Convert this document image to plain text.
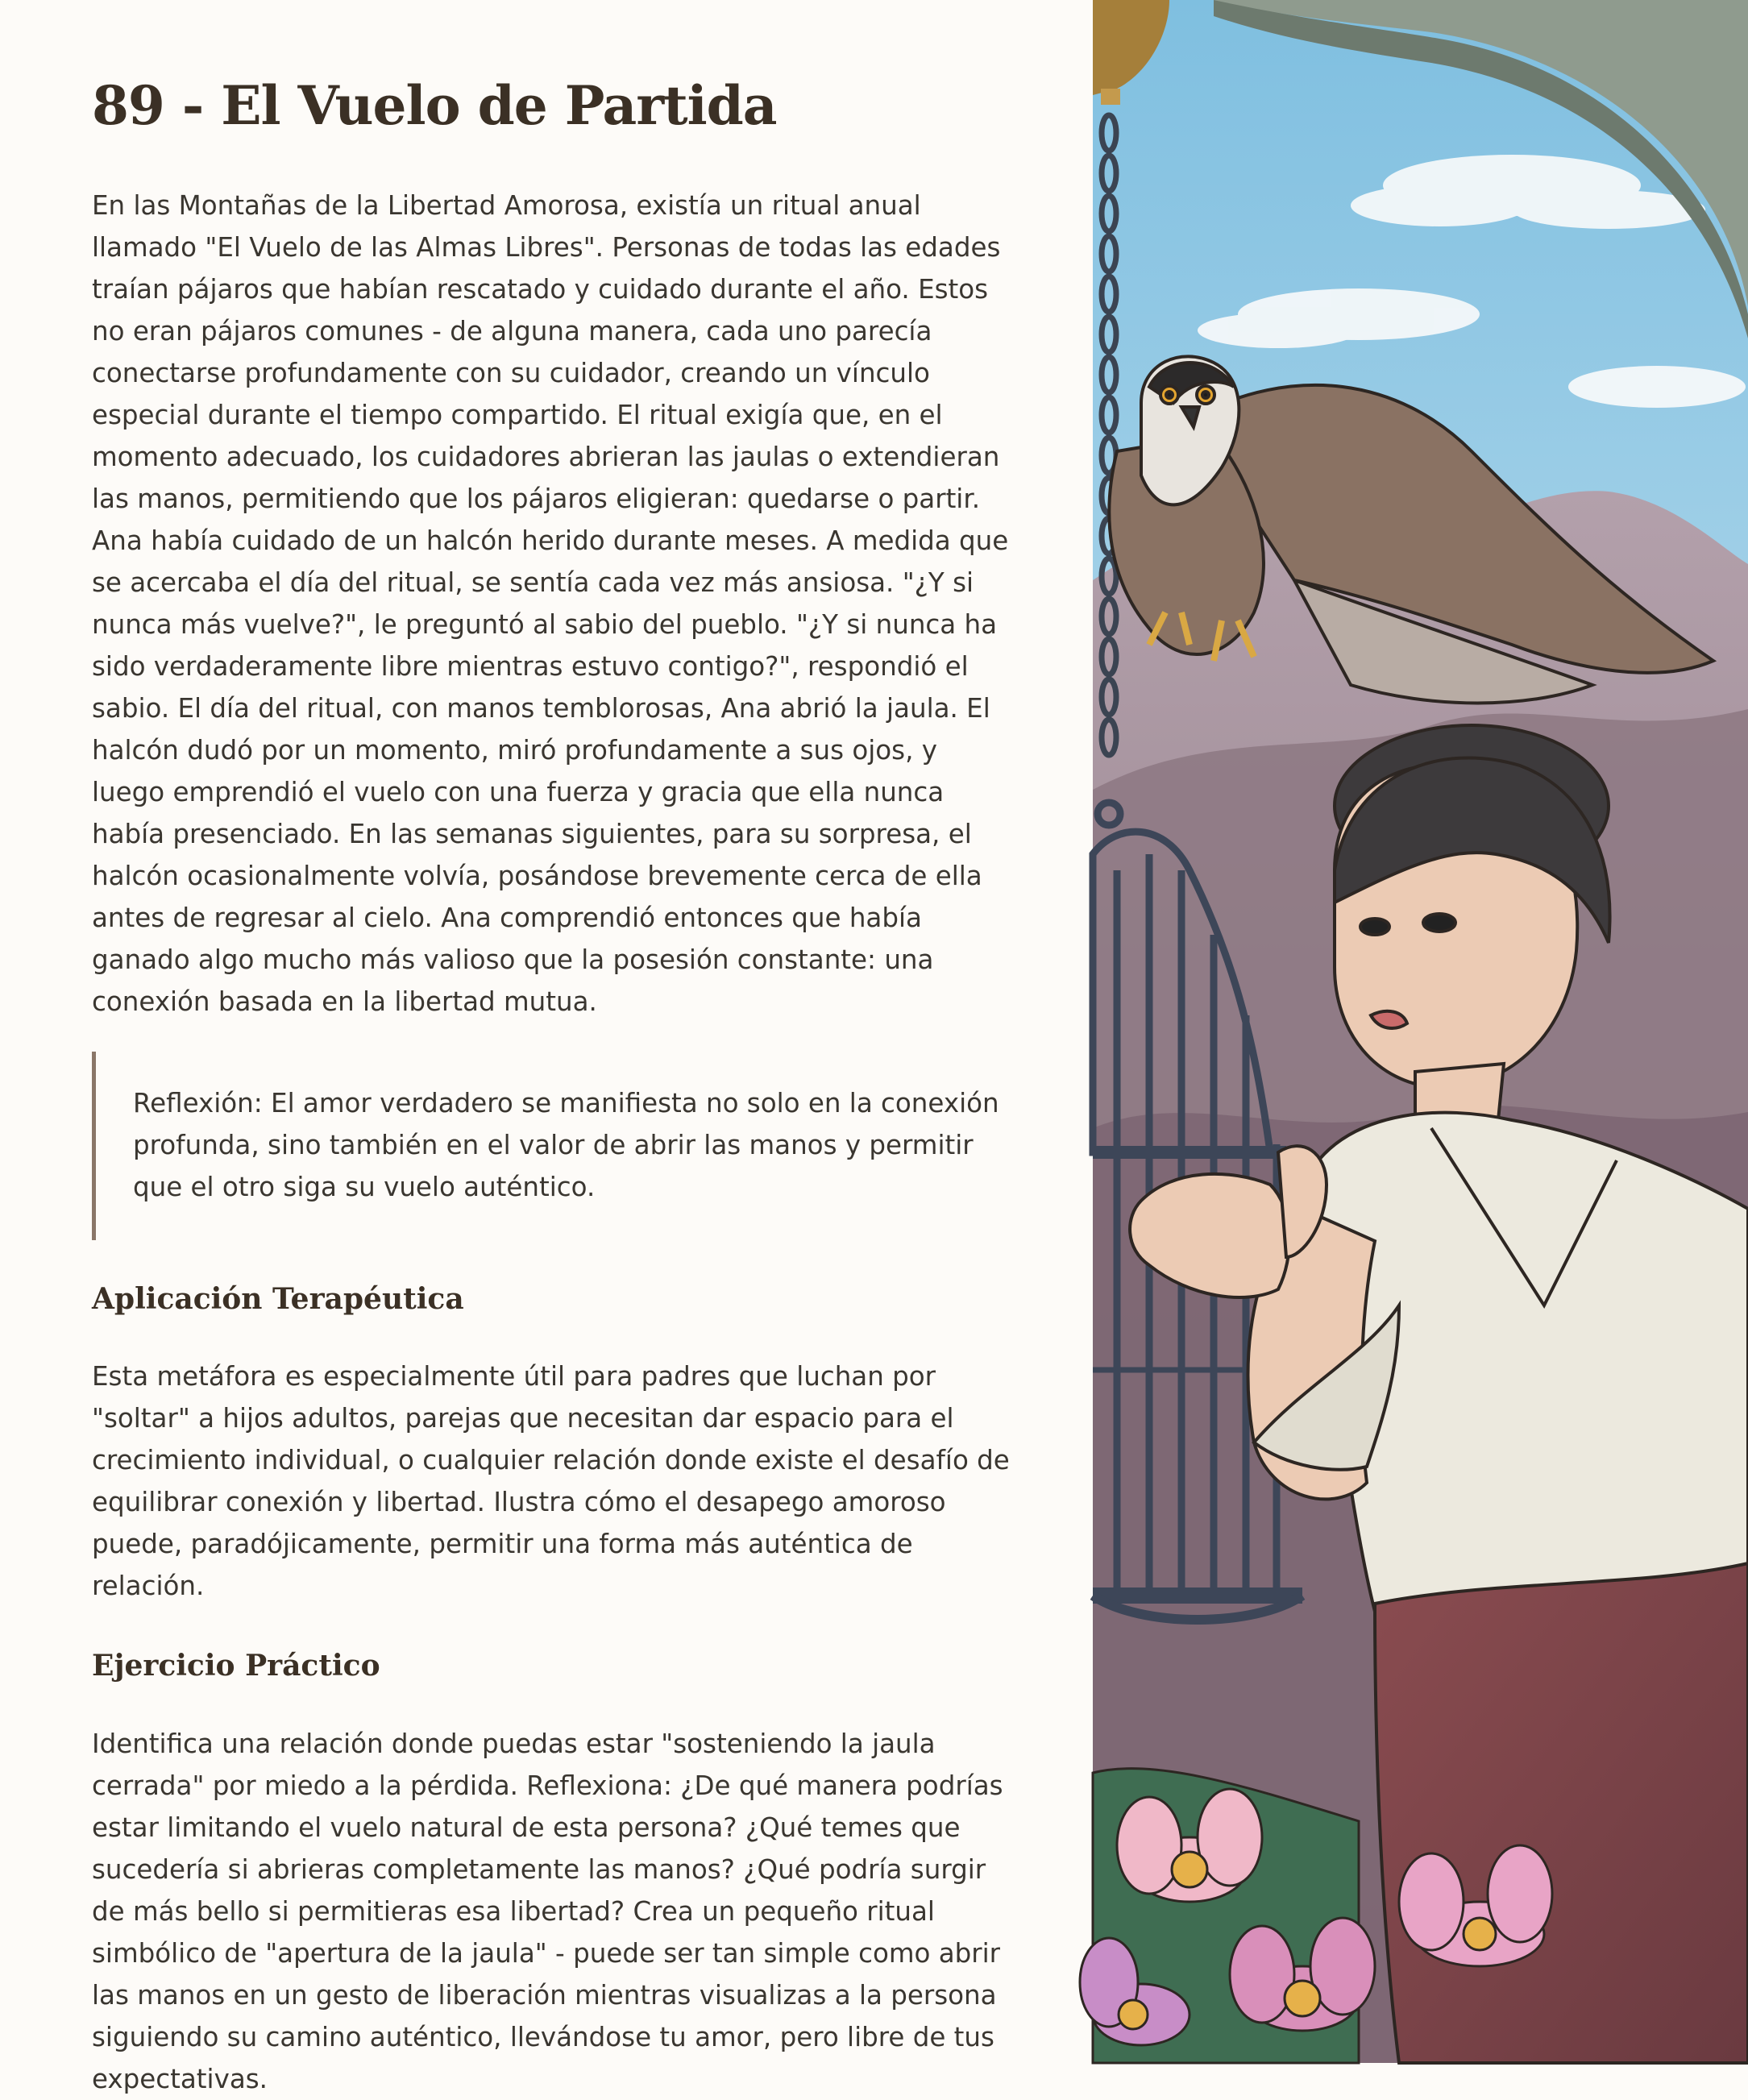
89 - El Vuelo de Partida

En las Montañas de la Libertad Amorosa, existía un ritual anual llamado "El Vuelo de las Almas Libres". Personas de todas las edades traían pájaros que habían rescatado y cuidado durante el año. Estos no eran pájaros comunes - de alguna manera, cada uno parecía conectarse profundamente con su cuidador, creando un vínculo especial durante el tiempo compartido. El ritual exigía que, en el momento adecuado, los cuidadores abrieran las jaulas o extendieran las manos, permitiendo que los pájaros eligieran: quedarse o partir. Ana había cuidado de un halcón herido durante meses. A medida que se acercaba el día del ritual, se sentía cada vez más ansiosa. "¿Y si nunca más vuelve?", le preguntó al sabio del pueblo. "¿Y si nunca ha sido verdaderamente libre mientras estuvo contigo?", respondió el sabio. El día del ritual, con manos temblorosas, Ana abrió la jaula. El halcón dudó por un momento, miró profundamente a sus ojos, y luego emprendió el vuelo con una fuerza y gracia que ella nunca había presenciado. En las semanas siguientes, para su sorpresa, el halcón ocasionalmente volvía, posándose brevemente cerca de ella antes de regresar al cielo. Ana comprendió entonces que había ganado algo mucho más valioso que la posesión constante: una conexión basada en la libertad mutua.

Reflexión: El amor verdadero se manifiesta no solo en la conexión profunda, sino también en el valor de abrir las manos y permitir que el otro siga su vuelo auténtico.
Aplicación Terapéutica

Esta metáfora es especialmente útil para padres que luchan por "soltar" a hijos adultos, parejas que necesitan dar espacio para el crecimiento individual, o cualquier relación donde existe el desafío de equilibrar conexión y libertad. Ilustra cómo el desapego amoroso puede, paradójicamente, permitir una forma más auténtica de relación.

Ejercicio Práctico

Identifica una relación donde puedas estar "sosteniendo la jaula cerrada" por miedo a la pérdida. Reflexiona: ¿De qué manera podrías estar limitando el vuelo natural de esta persona? ¿Qué temes que sucedería si abrieras completamente las manos? ¿Qué podría surgir de más bello si permitieras esa libertad? Crea un pequeño ritual simbólico de "apertura de la jaula" - puede ser tan simple como abrir las manos en un gesto de liberación mientras visualizas a la persona siguiendo su camino auténtico, llevándose tu amor, pero libre de tus expectativas.
